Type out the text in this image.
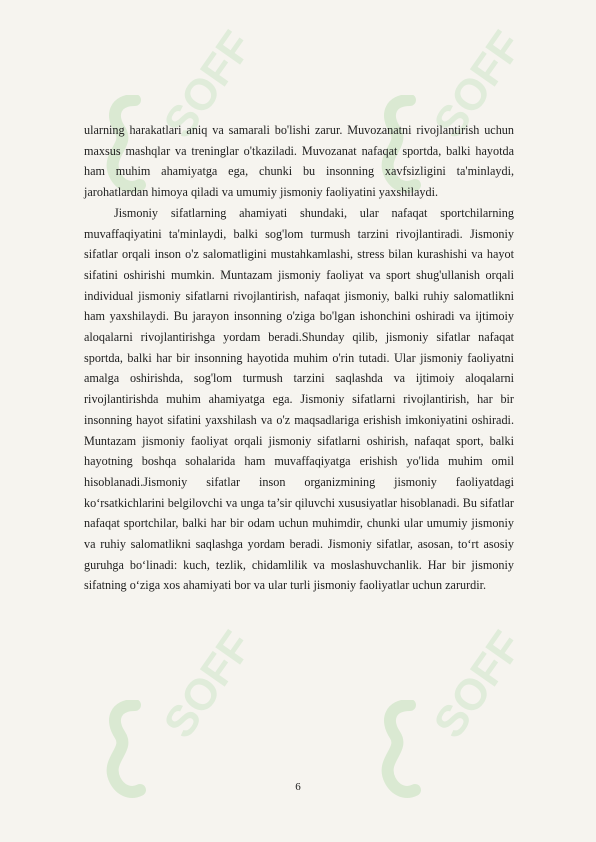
SOFF	SOFF
SOFF	SOFF

ularning harakatlari aniq va samarali bo'lishi zarur. Muvozanatni rivojlantirish uchun maxsus mashqlar va treninglar o'tkaziladi. Muvozanat nafaqat sportda, balki hayotda ham muhim ahamiyatga ega, chunki bu insonning xavfsizligini ta'minlaydi, jarohatlardan himoya qiladi va umumiy jismoniy faoliyatini yaxshilaydi.

Jismoniy sifatlarning ahamiyati shundaki, ular nafaqat sportchilarning muvaffaqiyatini ta'minlaydi, balki sog'lom turmush tarzini rivojlantiradi. Jismoniy sifatlar orqali inson o'z salomatligini mustahkamlashi, stress bilan kurashishi va hayot sifatini oshirishi mumkin. Muntazam jismoniy faoliyat va sport shug'ullanish orqali individual jismoniy sifatlarni rivojlantirish, nafaqat jismoniy, balki ruhiy salomatlikni ham yaxshilaydi. Bu jarayon insonning o'ziga bo'lgan ishonchini oshiradi va ijtimoiy aloqalarni rivojlantirishga yordam beradi.Shunday qilib, jismoniy sifatlar nafaqat sportda, balki har bir insonning hayotida muhim o'rin tutadi. Ular jismoniy faoliyatni amalga oshirishda, sog'lom turmush tarzini saqlashda va ijtimoiy aloqalarni rivojlantirishda muhim ahamiyatga ega. Jismoniy sifatlarni rivojlantirish, har bir insonning hayot sifatini yaxshilash va o'z maqsadlariga erishish imkoniyatini oshiradi. Muntazam jismoniy faoliyat orqali jismoniy sifatlarni oshirish, nafaqat sport, balki hayotning boshqa sohalarida ham muvaffaqiyatga erishish yo'lida muhim omil hisoblanadi.Jismoniy sifatlar inson organizmining jismoniy faoliyatdagi ko‘rsatkichlarini belgilovchi va unga ta’sir qiluvchi xususiyatlar hisoblanadi. Bu sifatlar nafaqat sportchilar, balki har bir odam uchun muhimdir, chunki ular umumiy jismoniy va ruhiy salomatlikni saqlashga yordam beradi. Jismoniy sifatlar, asosan, to‘rt asosiy guruhga bo‘linadi: kuch, tezlik, chidamlilik va moslashuvchanlik. Har bir jismoniy sifatning o‘ziga xos ahamiyati bor va ular turli jismoniy faoliyatlar uchun zarurdir.

6
